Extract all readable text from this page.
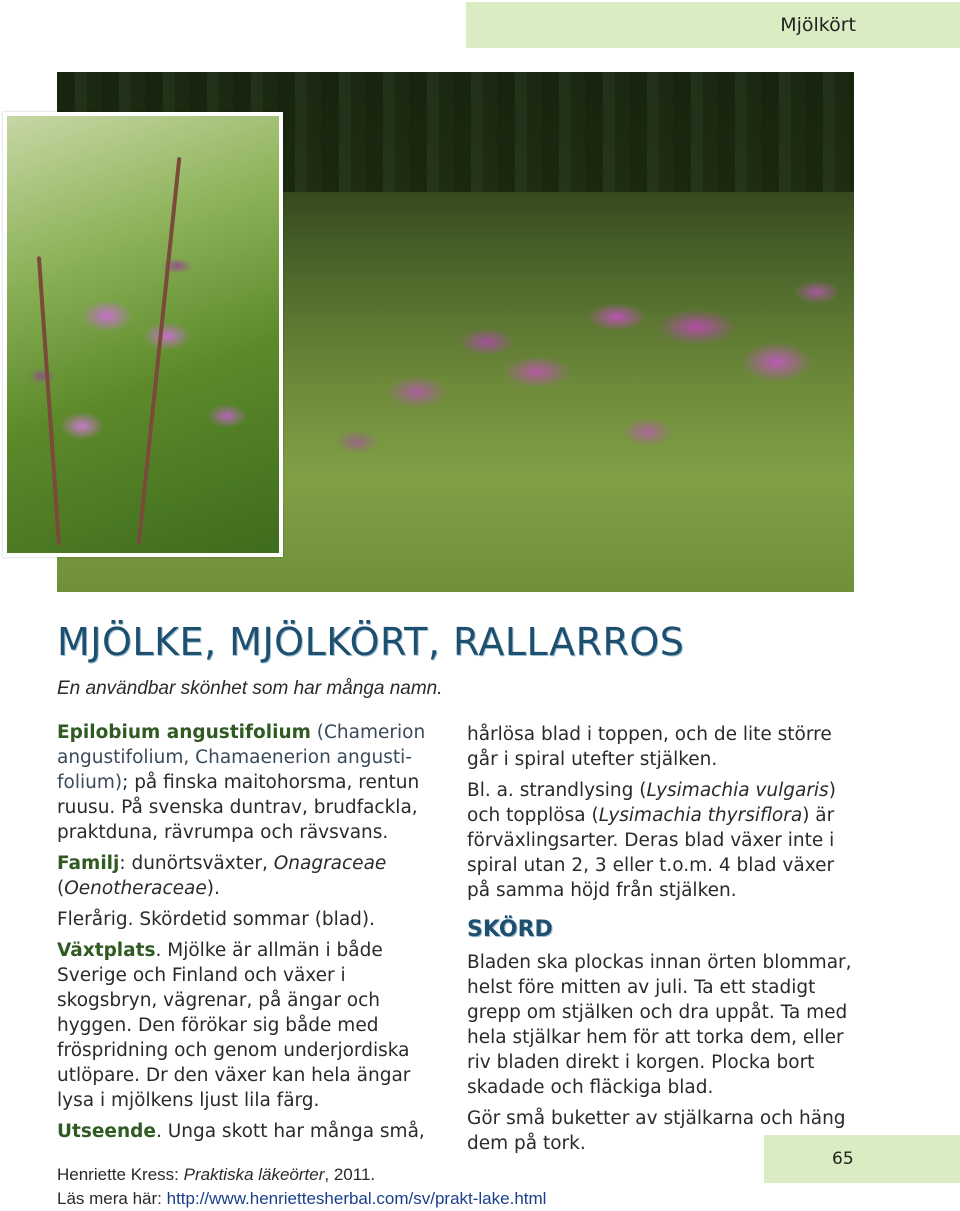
Mjölkört
MJÖLKE, MJÖLKÖRT, RALLARROS
En användbar skönhet som har många namn.

Epilobium angustifolium (Chamerion angustifolium, Chamaenerion angustifolium); på finska maitohorsma, rentun ruusu. På svenska duntrav, brudfackla, praktduna, rävrumpa och rävsvans.

Familj: dunörtsväxter, Onagraceae (Oenotheraceae).

Flerårig. Skördetid sommar (blad).

Växtplats. Mjölke är allmän i både Sverige och Finland och växer i skogsbryn, vägrenar, på ängar och hyggen. Den förökar sig både med fröspridning och genom underjordiska utlöpare. Dr den växer kan hela ängar lysa i mjölkens ljust lila färg.

Utseende. Unga skott har många små,

hårlösa blad i toppen, och de lite större går i spiral utefter stjälken.

Bl. a. strandlysing (Lysimachia vulgaris) och topplösa (Lysimachia thyrsiflora) är förväxlingsarter. Deras blad växer inte i spiral utan 2, 3 eller t.o.m. 4 blad växer på samma höjd från stjälken.

SKÖRD

Bladen ska plockas innan örten blommar, helst före mitten av juli. Ta ett stadigt grepp om stjälken och dra uppåt. Ta med hela stjälkar hem för att torka dem, eller riv bladen direkt i korgen. Plocka bort skadade och fläckiga blad.

Gör små buketter av stjälkarna och häng dem på tork.

65
Henriette Kress: Praktiska läkeörter, 2011.
Läs mera här: http://www.henriettesherbal.com/sv/prakt-lake.html
